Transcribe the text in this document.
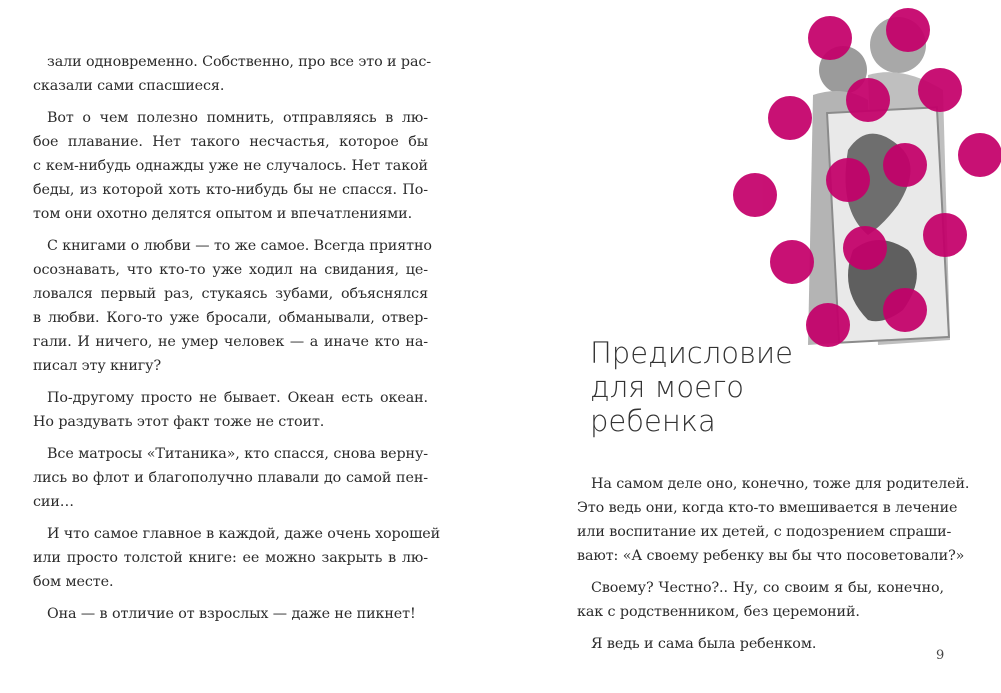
зали одновременно. Собственно, про все это и рас-
сказали сами спасшиеся.
Вот о чем полезно помнить, отправляясь в лю-
бое плавание. Нет такого несчастья, которое бы
с кем-нибудь однажды уже не случалось. Нет такой
беды, из которой хоть кто-нибудь бы не спасся. По-
том они охотно делятся опытом и впечатлениями.
С книгами о любви — то же самое. Всегда приятно
осознавать, что кто-то уже ходил на свидания, це-
ловался первый раз, стукаясь зубами, объяснялся
в любви. Кого-то уже бросали, обманывали, отвер-
гали. И ничего, не умер человек — а иначе кто на-
писал эту книгу?
По-другому просто не бывает. Океан есть океан.
Но раздувать этот факт тоже не стоит.
Все матросы «Титаника», кто спасся, снова верну-
лись во флот и благополучно плавали до самой пен-
сии…
И что самое главное в каждой, даже очень хорошей
или просто толстой книге: ее можно закрыть в лю-
бом месте.
Она — в отличие от взрослых — даже не пикнет!
Предисловие
для моего
ребенка
На самом деле оно, конечно, тоже для родителей.
Это ведь они, когда кто-то вмешивается в лечение
или воспитание их детей, с подозрением спраши-
вают: «А своему ребенку вы бы что посоветовали?»
Своему? Честно?.. Ну, со своим я бы, конечно,
как с родственником, без церемоний.
Я ведь и сама была ребенком.
9
